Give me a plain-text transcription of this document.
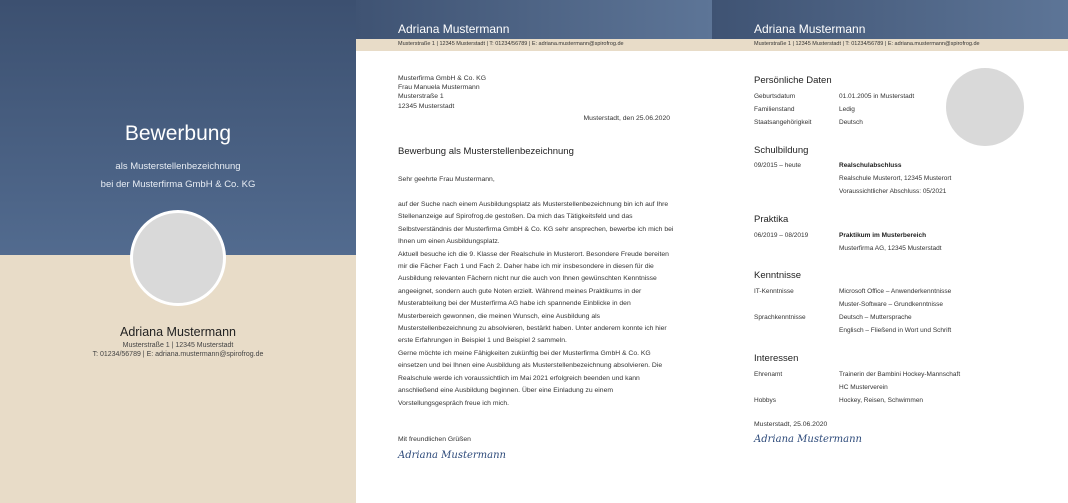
Bewerbung
als Musterstellenbezeichnung
bei der Musterfirma GmbH & Co. KG
Adriana Mustermann
Musterstraße 1 | 12345 Musterstadt
T: 01234/56789 | E: adriana.mustermann@spirofrog.de
Adriana Mustermann
Musterstraße 1 | 12345 Musterstadt | T: 01234/56789 | E: adriana.mustermann@spirofrog.de
Musterfirma GmbH & Co. KG
Frau Manuela Mustermann
Musterstraße 1
12345 Musterstadt
Musterstadt, den 25.06.2020
Bewerbung als Musterstellenbezeichnung
Sehr geehrte Frau Mustermann,

auf der Suche nach einem Ausbildungsplatz als Musterstellenbezeichnung bin ich auf Ihre Stellenanzeige auf Spirofrog.de gestoßen. Da mich das Tätigkeitsfeld und das Selbstverständnis der Musterfirma GmbH & Co. KG sehr ansprechen, bewerbe ich mich bei Ihnen um einen Ausbildungsplatz.

Aktuell besuche ich die 9. Klasse der Realschule in Musterort. Besondere Freude bereiten mir die Fächer Fach 1 und Fach 2. Daher habe ich mir insbesondere in diesen für die Ausbildung relevanten Fächern nicht nur die auch von Ihnen gewünschten Kenntnisse angeeignet, sondern auch gute Noten erzielt. Während meines Praktikums in der Musterabteilung bei der Musterfirma AG habe ich spannende Einblicke in den Musterbereich gewonnen, die meinen Wunsch, eine Ausbildung als Musterstellenbezeichnung zu absolvieren, bestärkt haben. Unter anderem konnte ich hier erste Erfahrungen in Beispiel 1 und Beispiel 2 sammeln.

Gerne möchte ich meine Fähigkeiten zukünftig bei der Musterfirma GmbH & Co. KG einsetzen und bei Ihnen eine Ausbildung als Musterstellenbezeichnung absolvieren. Die Realschule werde ich voraussichtlich im Mai 2021 erfolgreich beenden und kann anschließend eine Ausbildung beginnen. Über eine Einladung zu einem Vorstellungsgespräch freue ich mich.

Mit freundlichen Grüßen
Adriana Mustermann
Adriana Mustermann
Musterstraße 1 | 12345 Musterstadt | T: 01234/56789 | E: adriana.mustermann@spirofrog.de
Persönliche Daten
Geburtsdatum	01.01.2005 in Musterstadt
Familienstand	Ledig
Staatsangehörigkeit	Deutsch
Schulbildung
09/2015 – heute	Realschulabschluss
Realschule Musterort, 12345 Musterort
Voraussichtlicher Abschluss: 05/2021
Praktika
06/2019 – 08/2019	Praktikum im Musterbereich
Musterfirma AG, 12345 Musterstadt
Kenntnisse
IT-Kenntnisse	Microsoft Office – Anwenderkenntnisse
Muster-Software – Grundkenntnisse
Sprachkenntnisse	Deutsch – Muttersprache
Englisch – Fließend in Wort und Schrift
Interessen
Ehrenamt	Trainerin der Bambini Hockey-Mannschaft
HC Musterverein
Hobbys	Hockey, Reisen, Schwimmen
Musterstadt, 25.06.2020
Adriana Mustermann
